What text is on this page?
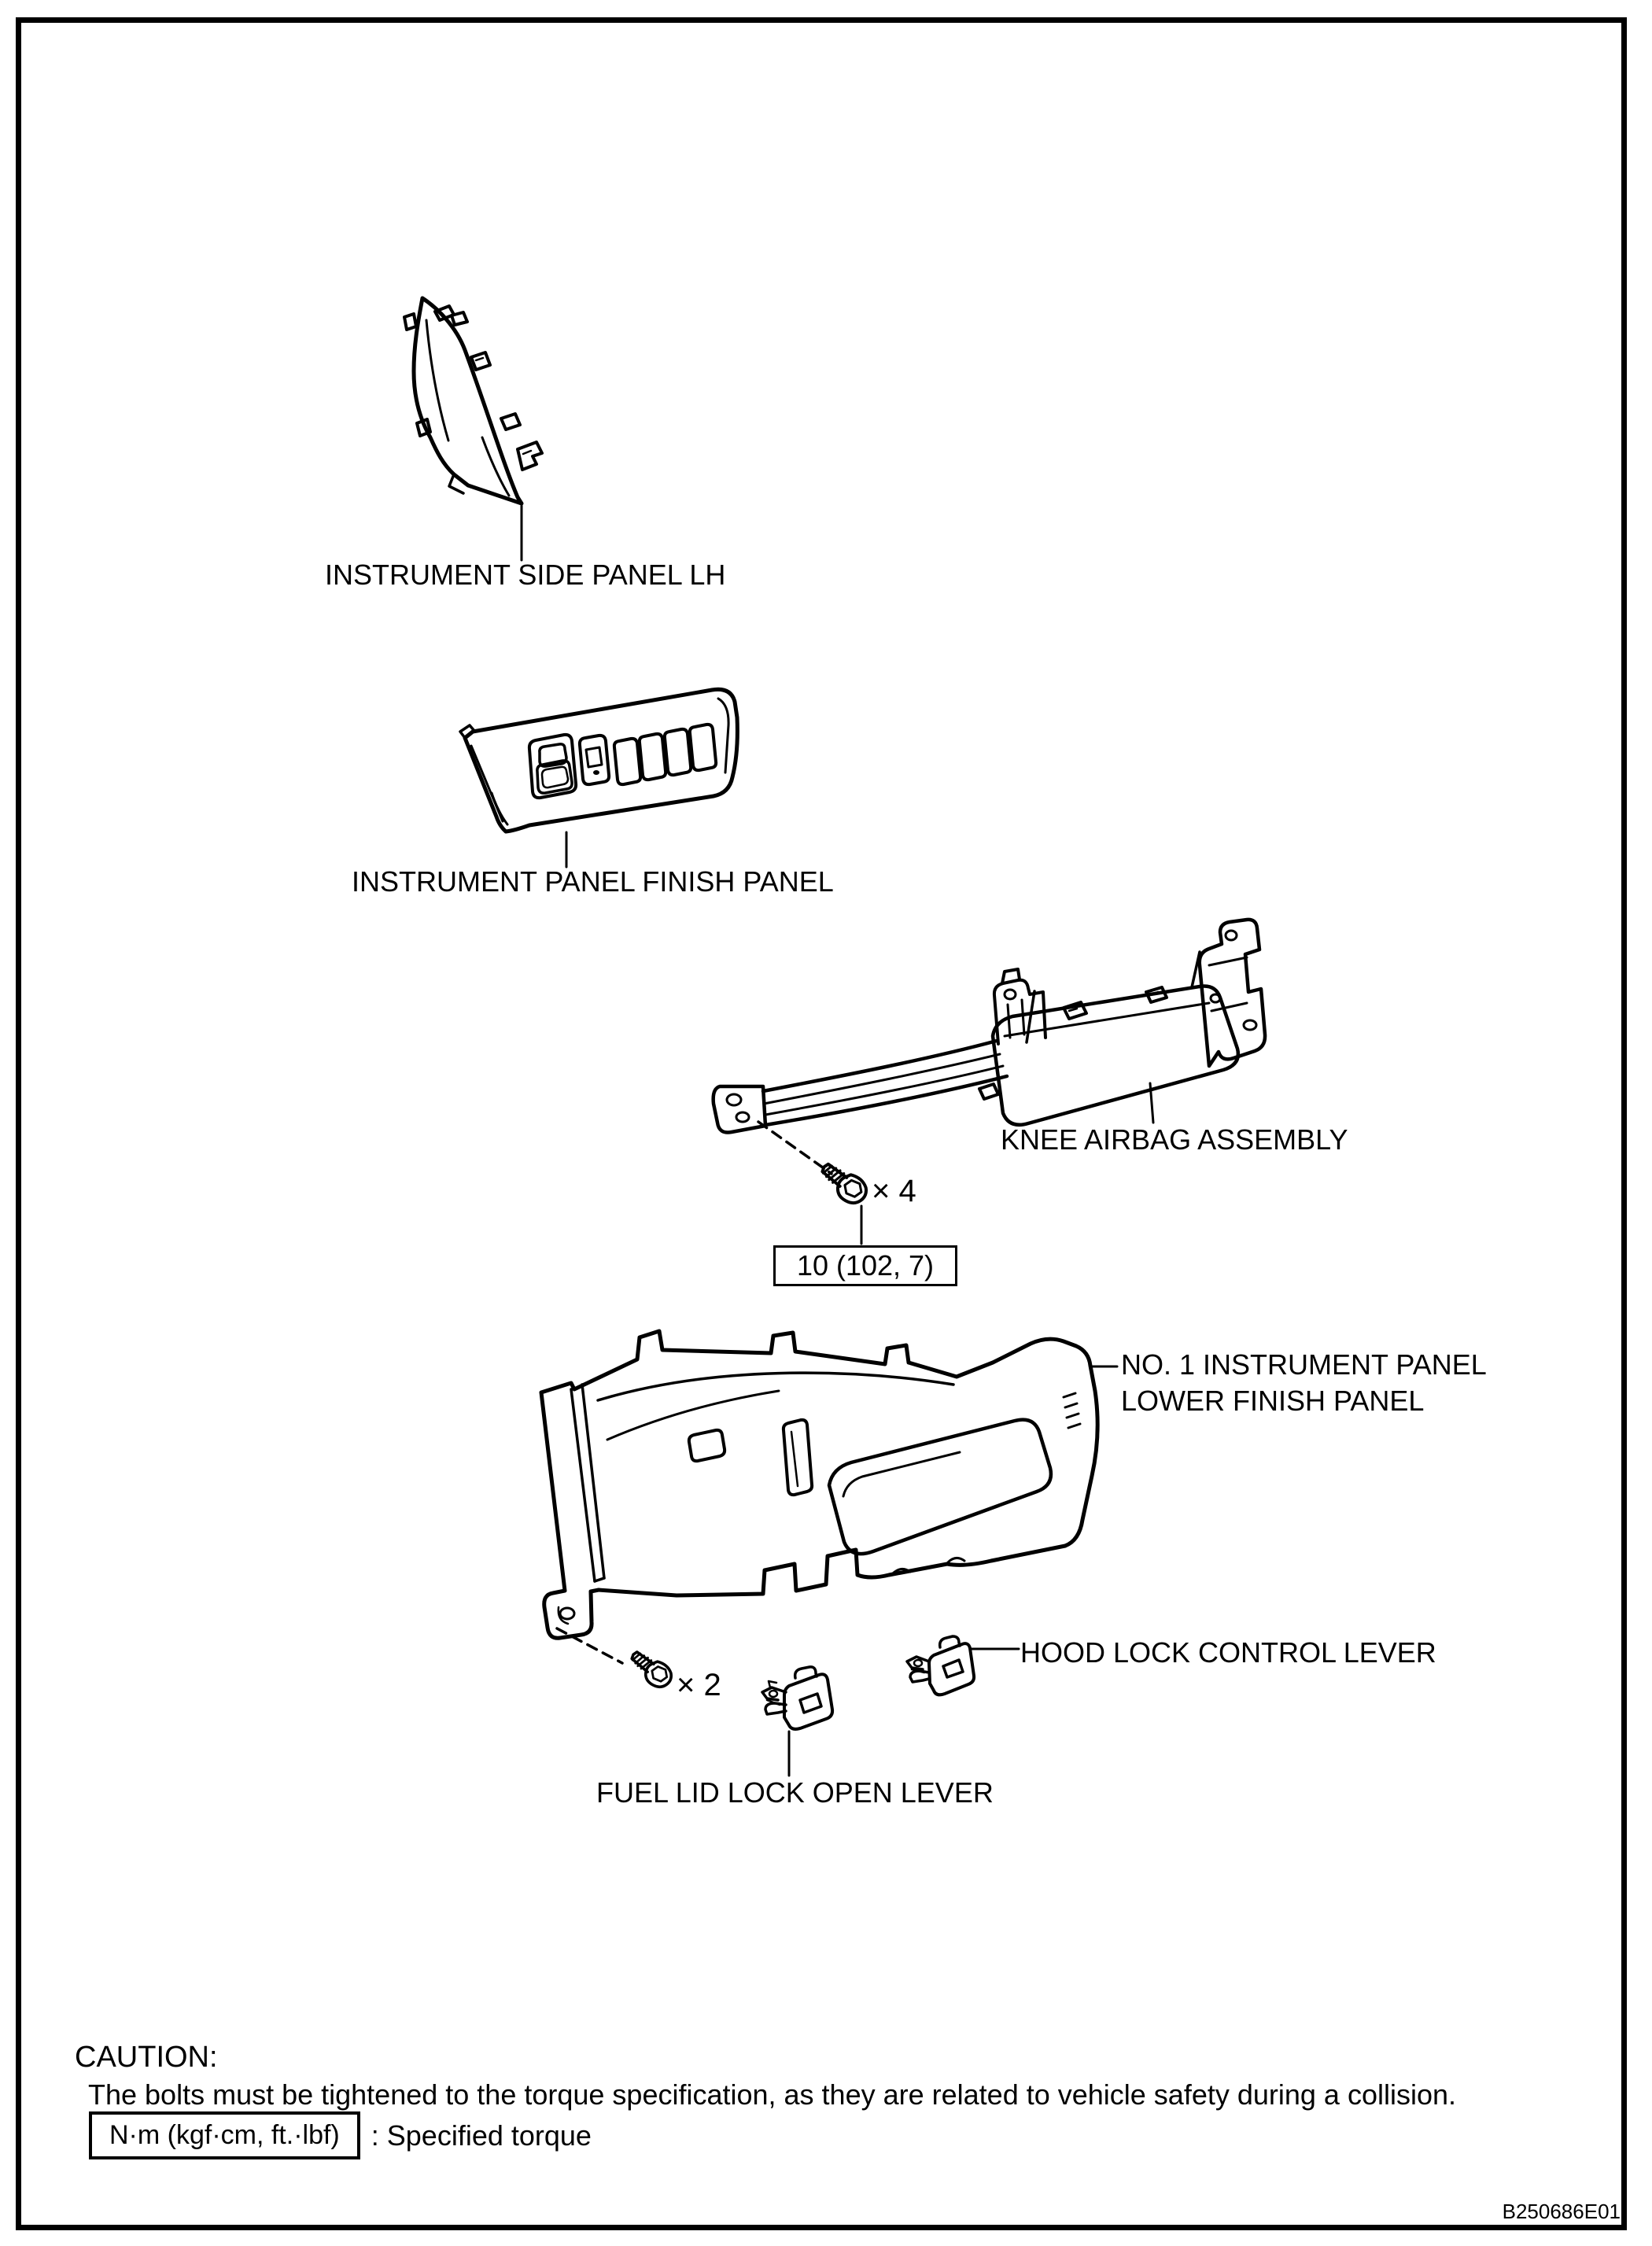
INSTRUMENT SIDE PANEL LH
INSTRUMENT PANEL FINISH PANEL
KNEE AIRBAG ASSEMBLY
× 4
10 (102, 7)
NO. 1 INSTRUMENT PANEL
LOWER FINISH PANEL
× 2
FUEL LID LOCK OPEN LEVER
HOOD LOCK CONTROL LEVER
CAUTION:
The bolts must be tightened to the torque specification, as they are related to vehicle safety during a collision.
N·m (kgf·cm, ft.·lbf)	: Specified torque
B250686E01
